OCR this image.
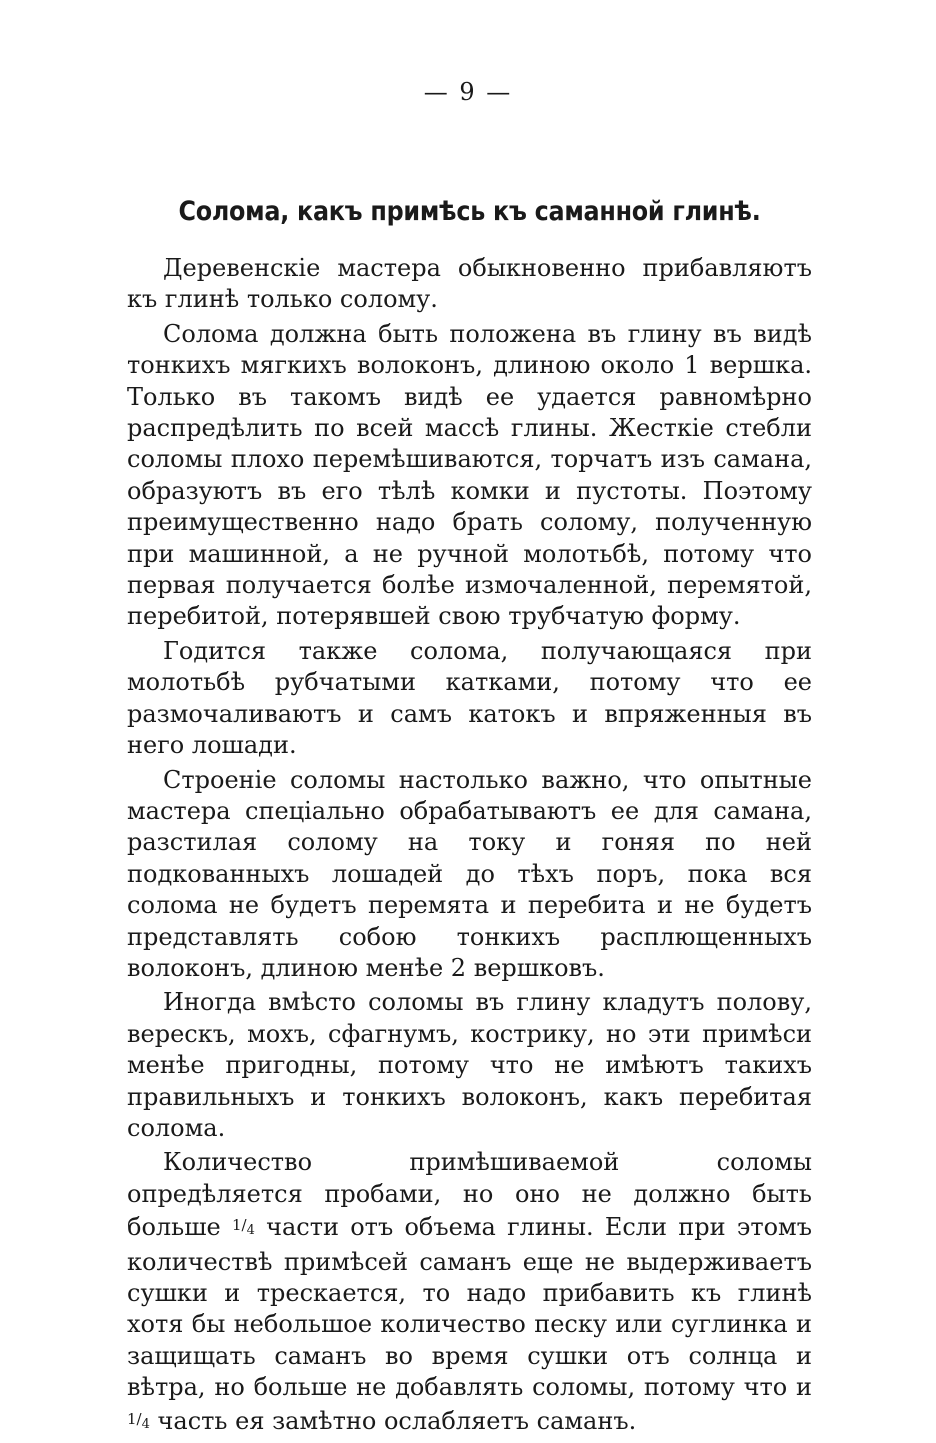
— 9 —
Солома, какъ примѣсь къ саманной глинѣ.

Деревенскіе мастера обыкновенно прибавляютъ къ глинѣ только солому.

Солома должна быть положена въ глину въ видѣ тонкихъ мягкихъ волоконъ, длиною около 1 вершка. Только въ такомъ видѣ ее удается равномѣрно распредѣлить по всей массѣ глины. Жесткіе стебли соломы плохо перемѣшиваются, торчатъ изъ самана, образуютъ въ его тѣлѣ комки и пустоты. Поэтому преимущественно надо брать солому, полученную при машинной, а не ручной молотьбѣ, потому что первая получается болѣе измочаленной, перемятой, перебитой, потерявшей свою трубчатую форму.

Годится также солома, получающаяся при молотьбѣ рубчатыми катками, потому что ее размочаливаютъ и самъ катокъ и впряженныя въ него лошади.

Строеніе соломы настолько важно, что опытные мастера спеціально обрабатываютъ ее для самана, разстилая солому на току и гоняя по ней подкованныхъ лошадей до тѣхъ поръ, пока вся солома не будетъ перемята и перебита и не будетъ представлять собою тонкихъ расплющенныхъ волоконъ, длиною менѣе 2 вершковъ.

Иногда вмѣсто соломы въ глину кладутъ полову, верескъ, мохъ, сфагнумъ, кострику, но эти примѣси менѣе пригодны, потому что не имѣютъ такихъ правильныхъ и тонкихъ волоконъ, какъ перебитая солома.

Количество примѣшиваемой соломы опредѣляется пробами, но оно не должно быть больше $^{1/4}$ части отъ объема глины. Если при этомъ количествѣ примѣсей саманъ еще не выдерживаетъ сушки и трескается, то надо прибавить къ глинѣ хотя бы небольшое количество песку или суглинка и защищать саманъ во время сушки отъ солнца и вѣтра, но больше не добавлять соломы, потому что и $^{1/4}$ часть ея замѣтно ослабляетъ саманъ.
